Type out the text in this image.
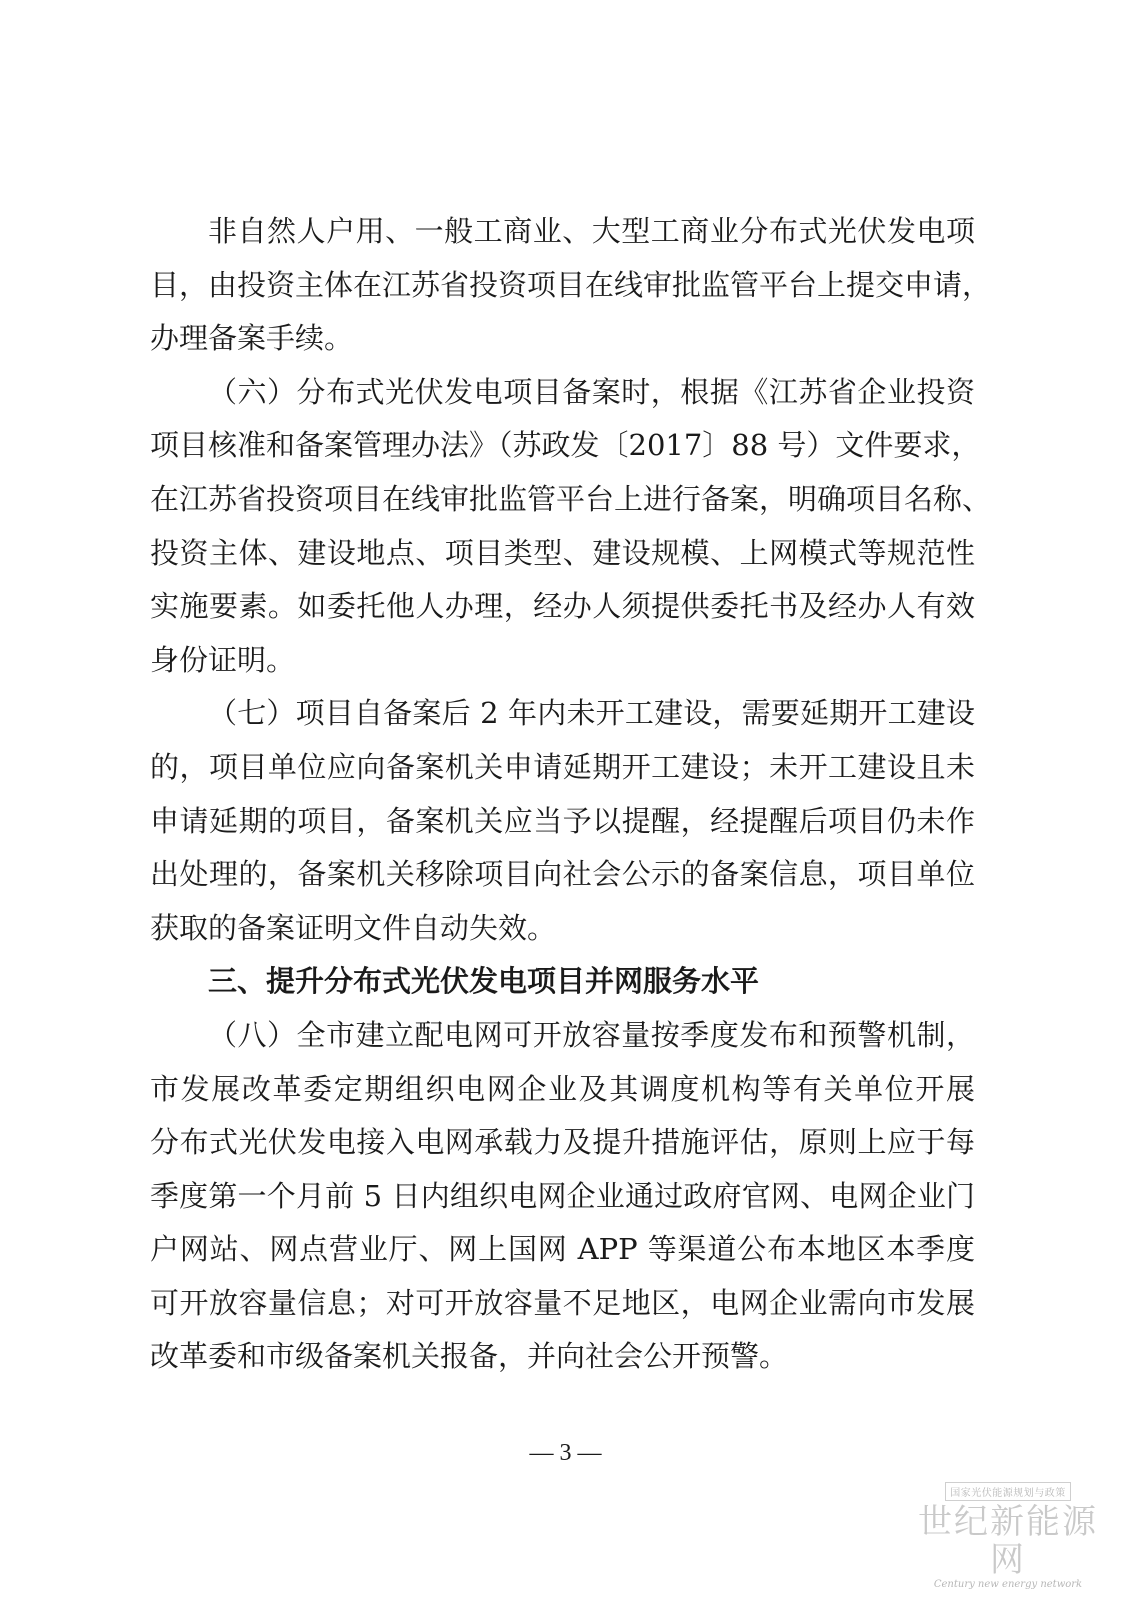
非自然人户用、一般工商业、大型工商业分布式光伏发电项
目，由投资主体在江苏省投资项目在线审批监管平台上提交申请，
办理备案手续。
（六）分布式光伏发电项目备案时，根据《江苏省企业投资
项目核准和备案管理办法》（苏政发〔2017〕88 号）文件要求，
在江苏省投资项目在线审批监管平台上进行备案，明确项目名称、
投资主体、建设地点、项目类型、建设规模、上网模式等规范性
实施要素。如委托他人办理，经办人须提供委托书及经办人有效
身份证明。
（七）项目自备案后 2 年内未开工建设，需要延期开工建设
的，项目单位应向备案机关申请延期开工建设；未开工建设且未
申请延期的项目，备案机关应当予以提醒，经提醒后项目仍未作
出处理的，备案机关移除项目向社会公示的备案信息，项目单位
获取的备案证明文件自动失效。
三、提升分布式光伏发电项目并网服务水平
（八）全市建立配电网可开放容量按季度发布和预警机制，
市发展改革委定期组织电网企业及其调度机构等有关单位开展
分布式光伏发电接入电网承载力及提升措施评估，原则上应于每
季度第一个月前 5 日内组织电网企业通过政府官网、电网企业门
户网站、网点营业厅、网上国网 APP 等渠道公布本地区本季度
可开放容量信息；对可开放容量不足地区，电网企业需向市发展
改革委和市级备案机关报备，并向社会公开预警。
— 3 —
国家光伏能源规划与政策
世纪新能源网
Century new energy network
